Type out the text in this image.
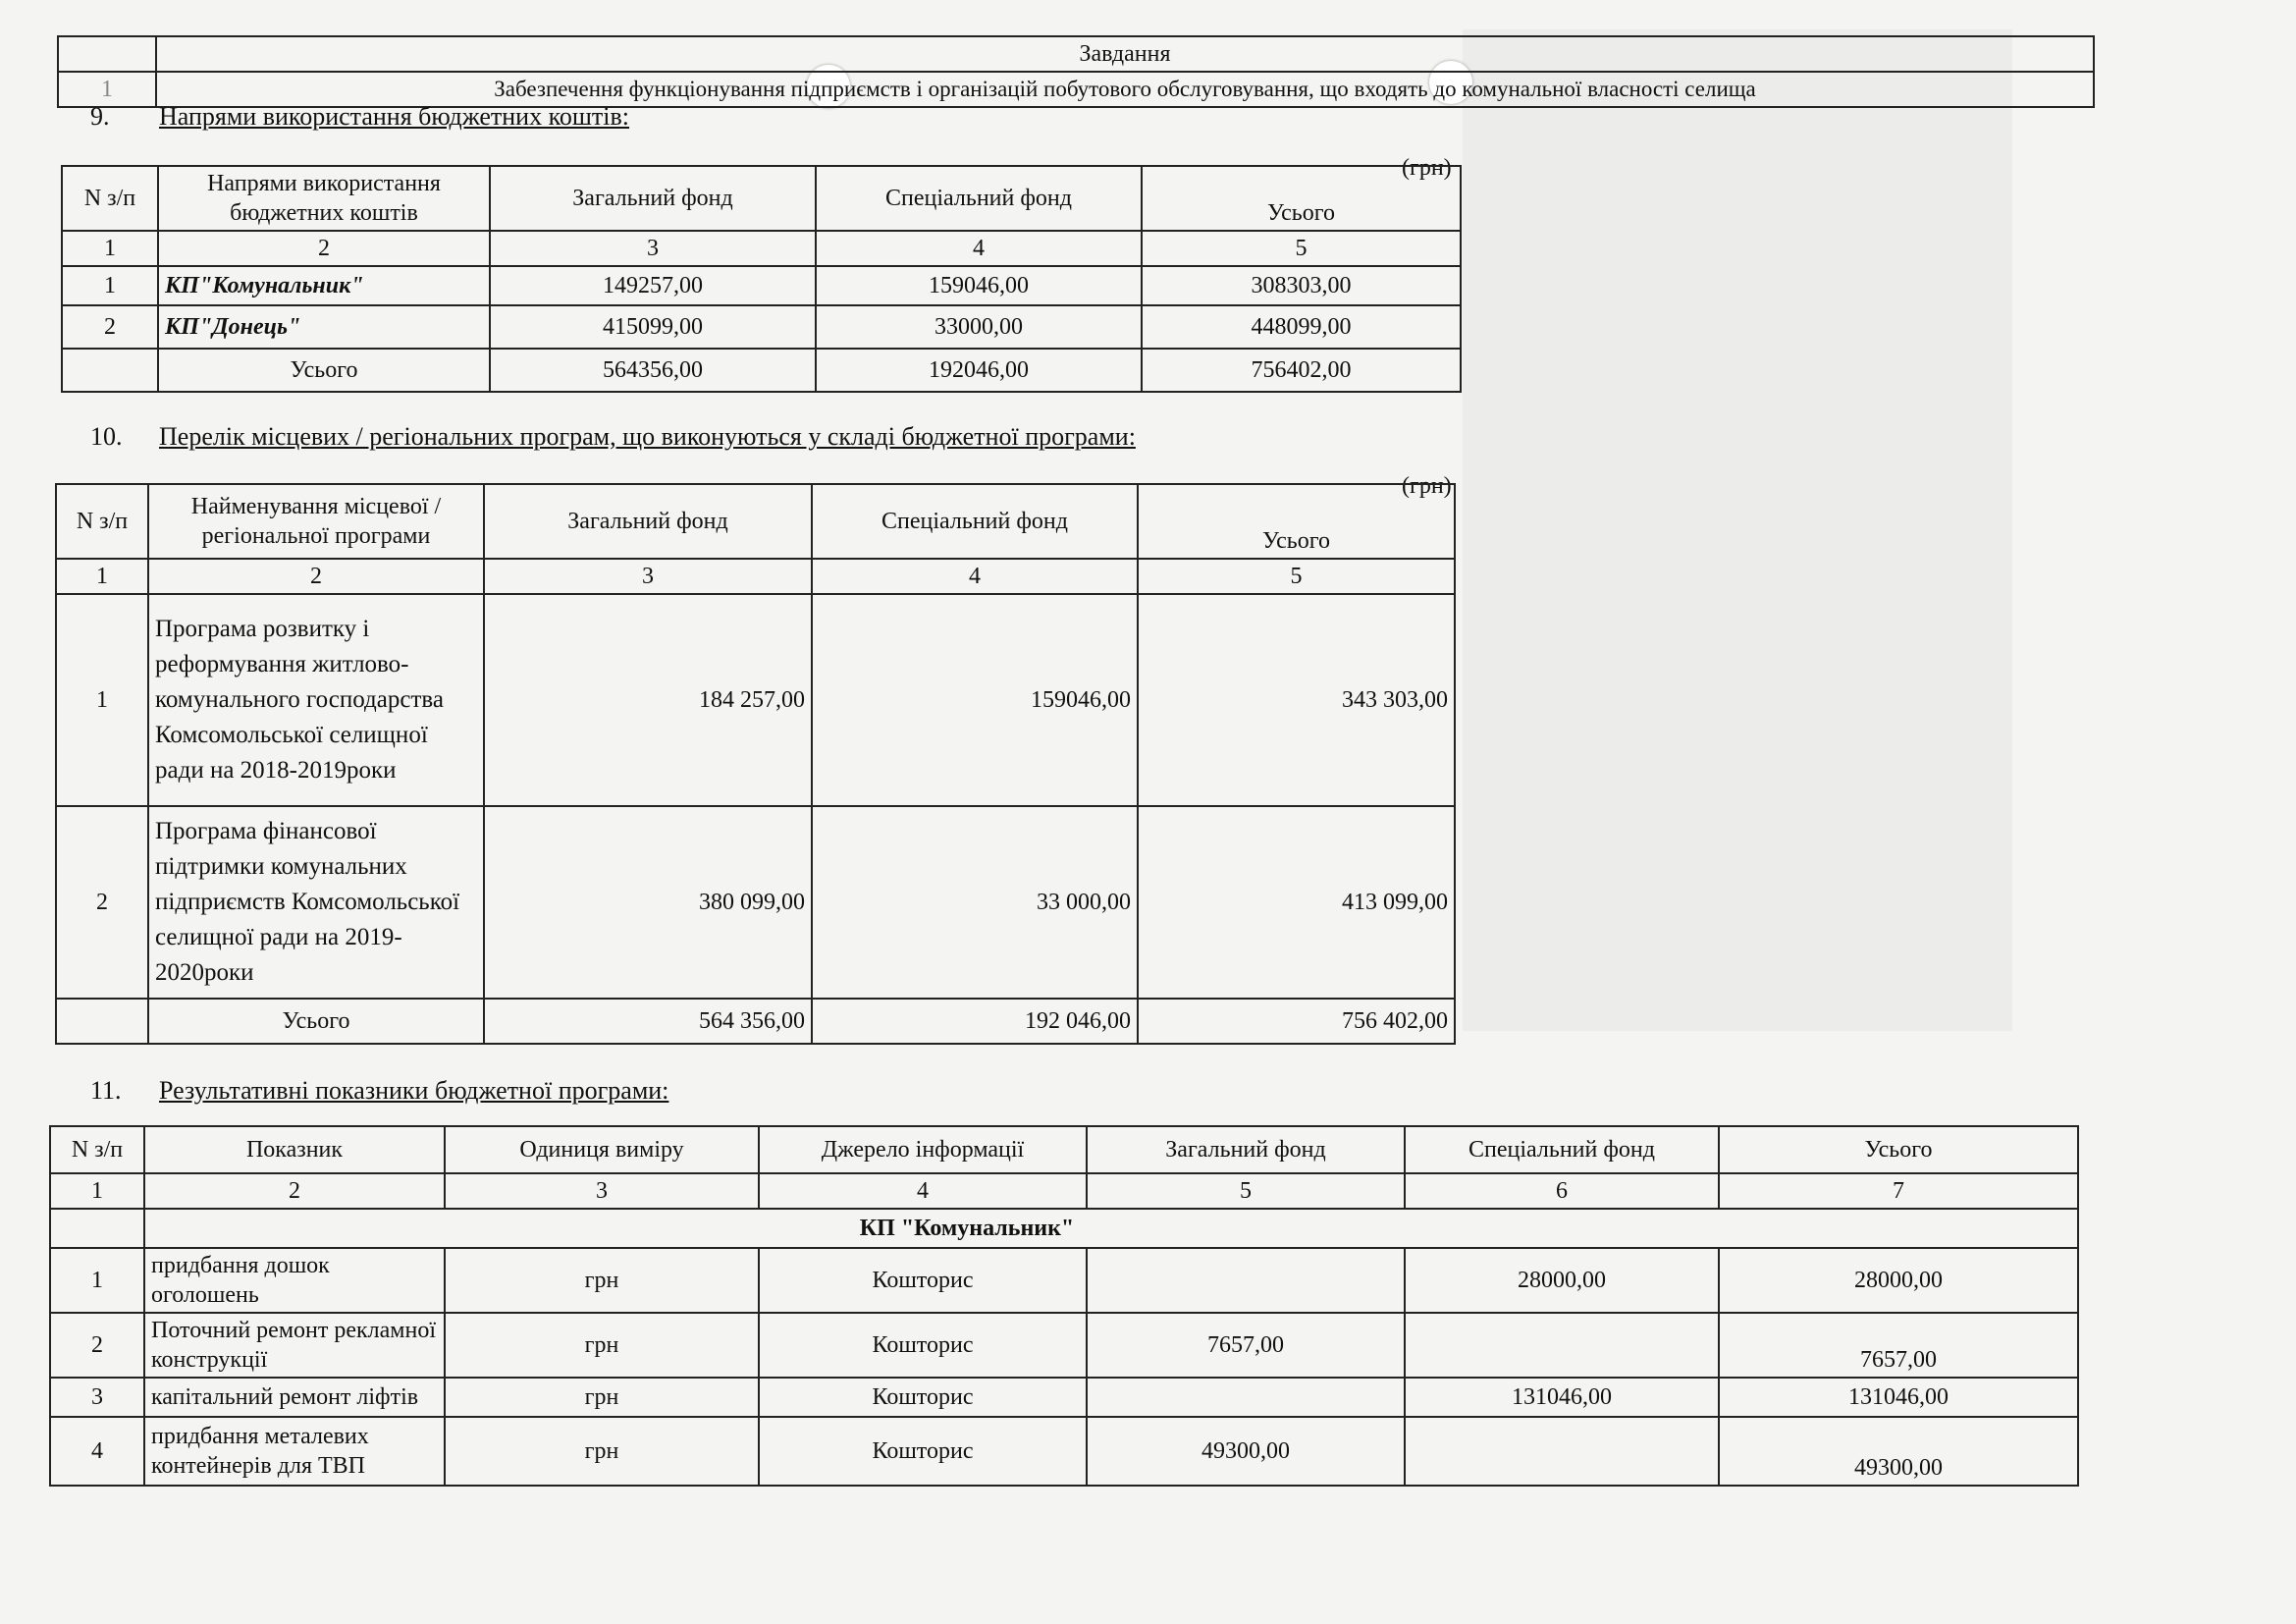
	Завдання
1	Забезпечення функціонування підприємств і організацій побутового обслуговування, що входять до комунальної власності селища
9. Напрями використання бюджетних коштів:
(грн)
N з/п	Напрями використання бюджетних коштів	Загальний фонд	Спеціальний фонд	Усього
1	2	3	4	5
1	КП"Комунальник"	149257,00	159046,00	308303,00
2	КП"Донець"	415099,00	33000,00	448099,00
	Усього	564356,00	192046,00	756402,00
10. Перелік місцевих / регіональних програм, що виконуються у складі бюджетної програми:
(грн)
N з/п	Найменування місцевої / регіональної програми	Загальний фонд	Спеціальний фонд	Усього
1	2	3	4	5
1	Програма розвитку і реформування житлово-комунального господарства Комсомольської селищної ради на 2018-2019роки	184 257,00	159046,00	343 303,00
2	Програма фінансової підтримки комунальних підприємств Комсомольської селищної ради на 2019-2020роки	380 099,00	33 000,00	413 099,00
	Усього	564 356,00	192 046,00	756 402,00
11. Результативні показники бюджетної програми:
N з/п	Показник	Одиниця виміру	Джерело інформації	Загальний фонд	Спеціальний фонд	Усього
1	2	3	4	5	6	7
	КП "Комунальник"					
1	придбання дошок оголошень	грн	Кошторис		28000,00	28000,00
2	Поточний ремонт рекламної конструкції	грн	Кошторис	7657,00		7657,00
3	капітальний ремонт ліфтів	грн	Кошторис		131046,00	131046,00
4	придбання металевих контейнерів для ТВП	грн	Кошторис	49300,00		49300,00
